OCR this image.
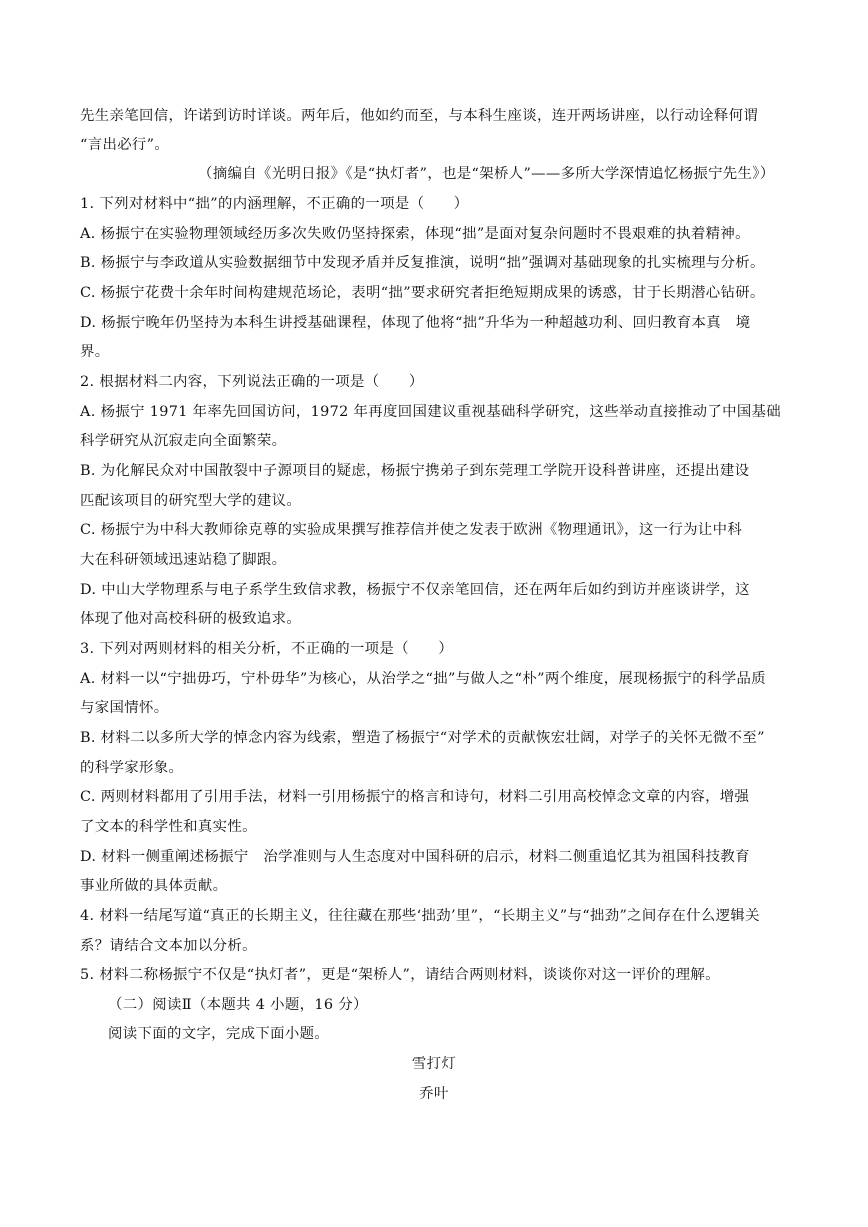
先生亲笔回信，许诺到访时详谈。两年后，他如约而至，与本科生座谈，连开两场讲座，以行动诠释何谓
“言出必行”。
（摘编自《光明日报》《是“执灯者”，也是“架桥人”——多所大学深情追忆杨振宁先生》）
1. 下列对材料中“拙”的内涵理解，不正确的一项是（　　）
A. 杨振宁在实验物理领域经历多次失败仍坚持探索，体现“拙”是面对复杂问题时不畏艰难的执着精神。
B. 杨振宁与李政道从实验数据细节中发现矛盾并反复推演，说明“拙”强调对基础现象的扎实梳理与分析。
C. 杨振宁花费十余年时间构建规范场论，表明“拙”要求研究者拒绝短期成果的诱惑，甘于长期潜心钻研。
D. 杨振宁晚年仍坚持为本科生讲授基础课程，体现了他将“拙”升华为一种超越功利、回归教育本真　境
界。
2. 根据材料二内容，下列说法正确的一项是（　　）
A. 杨振宁 1971 年率先回国访问，1972 年再度回国建议重视基础科学研究，这些举动直接推动了中国基础
科学研究从沉寂走向全面繁荣。
B. 为化解民众对中国散裂中子源项目的疑虑，杨振宁携弟子到东莞理工学院开设科普讲座，还提出建设
匹配该项目的研究型大学的建议。
C. 杨振宁为中科大教师徐克尊的实验成果撰写推荐信并使之发表于欧洲《物理通讯》，这一行为让中科
大在科研领域迅速站稳了脚跟。
D. 中山大学物理系与电子系学生致信求教，杨振宁不仅亲笔回信，还在两年后如约到访并座谈讲学，这
体现了他对高校科研的极致追求。
3. 下列对两则材料的相关分析，不正确的一项是（　　）
A. 材料一以“宁拙毋巧，宁朴毋华”为核心，从治学之“拙”与做人之“朴”两个维度，展现杨振宁的科学品质
与家国情怀。
B. 材料二以多所大学的悼念内容为线索，塑造了杨振宁“对学术的贡献恢宏壮阔，对学子的关怀无微不至”
的科学家形象。
C. 两则材料都用了引用手法，材料一引用杨振宁的格言和诗句，材料二引用高校悼念文章的内容，增强
了文本的科学性和真实性。
D. 材料一侧重阐述杨振宁　治学准则与人生态度对中国科研的启示，材料二侧重追忆其为祖国科技教育
事业所做的具体贡献。
4. 材料一结尾写道“真正的长期主义，往往藏在那些‘拙劲’里”，“长期主义”与“拙劲”之间存在什么逻辑关
系？请结合文本加以分析。
5. 材料二称杨振宁不仅是“执灯者”，更是“架桥人”，请结合两则材料，谈谈你对这一评价的理解。
（二）阅读Ⅱ（本题共 4 小题，16 分）
阅读下面的文字，完成下面小题。
雪打灯
乔叶
